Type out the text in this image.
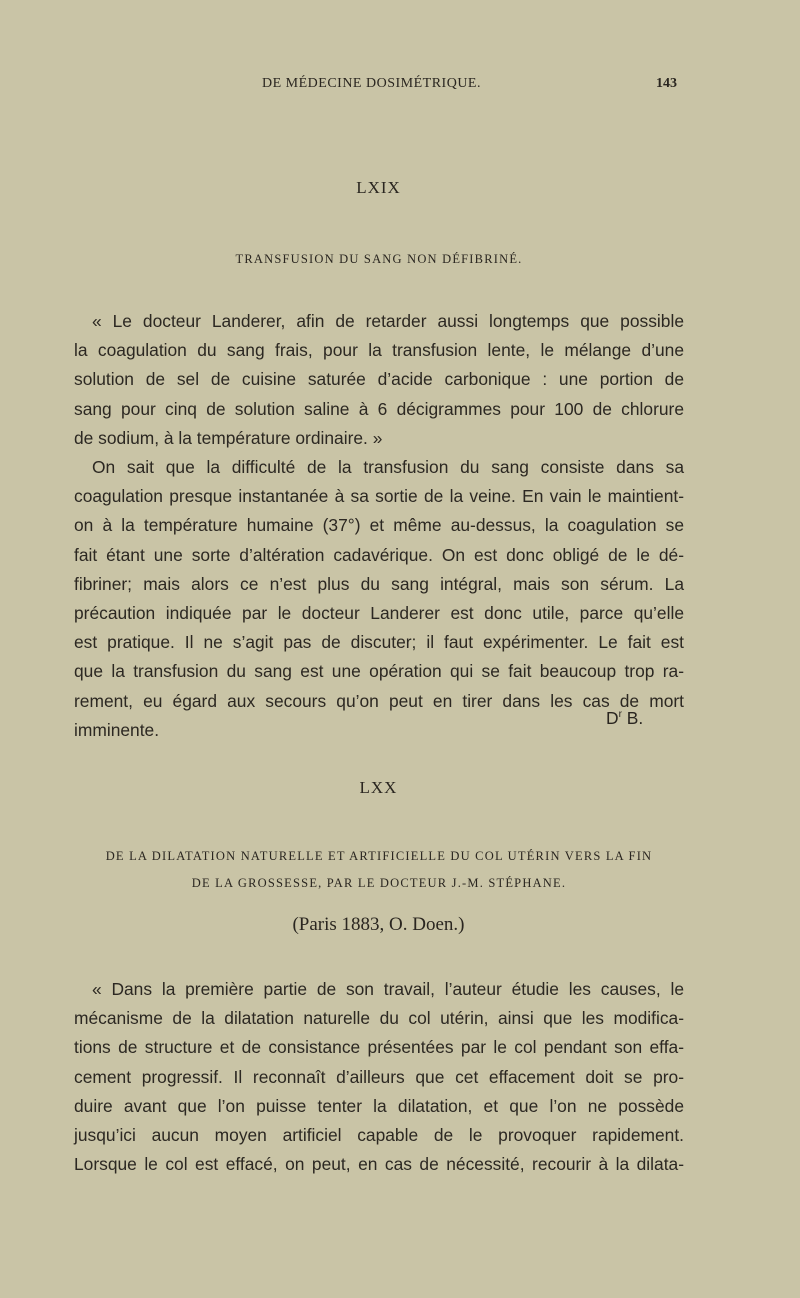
DE MÉDECINE DOSIMÉTRIQUE.	143
LXIX
TRANSFUSION DU SANG NON DÉFIBRINÉ.
« Le docteur Landerer, afin de retarder aussi longtemps que possible
la coagulation du sang frais, pour la transfusion lente, le mélange d’une
solution de sel de cuisine saturée d’acide carbonique : une portion de
sang pour cinq de solution saline à 6 décigrammes pour 100 de chlorure
de sodium, à la température ordinaire. »
On sait que la difficulté de la transfusion du sang consiste dans sa
coagulation presque instantanée à sa sortie de la veine. En vain le maintient-
on à la température humaine (37°) et même au-dessus, la coagulation se
fait étant une sorte d’altération cadavérique. On est donc obligé de le dé-
fibriner; mais alors ce n’est plus du sang intégral, mais son sérum. La
précaution indiquée par le docteur Landerer est donc utile, parce qu’elle
est pratique. Il ne s’agit pas de discuter; il faut expérimenter. Le fait est
que la transfusion du sang est une opération qui se fait beaucoup trop ra-
rement, eu égard aux secours qu’on peut en tirer dans les cas de mort
imminente.
$D^r$ B.
LXX
DE LA DILATATION NATURELLE ET ARTIFICIELLE DU COL UTÉRIN VERS LA FIN
DE LA GROSSESSE, PAR LE DOCTEUR J.-M. STÉPHANE.
(Paris 1883, O. Doen.)
« Dans la première partie de son travail, l’auteur étudie les causes, le
mécanisme de la dilatation naturelle du col utérin, ainsi que les modifica-
tions de structure et de consistance présentées par le col pendant son effa-
cement progressif. Il reconnaît d’ailleurs que cet effacement doit se pro-
duire avant que l’on puisse tenter la dilatation, et que l’on ne possède
jusqu’ici aucun moyen artificiel capable de le provoquer rapidement.
Lorsque le col est effacé, on peut, en cas de nécessité, recourir à la dilata-
